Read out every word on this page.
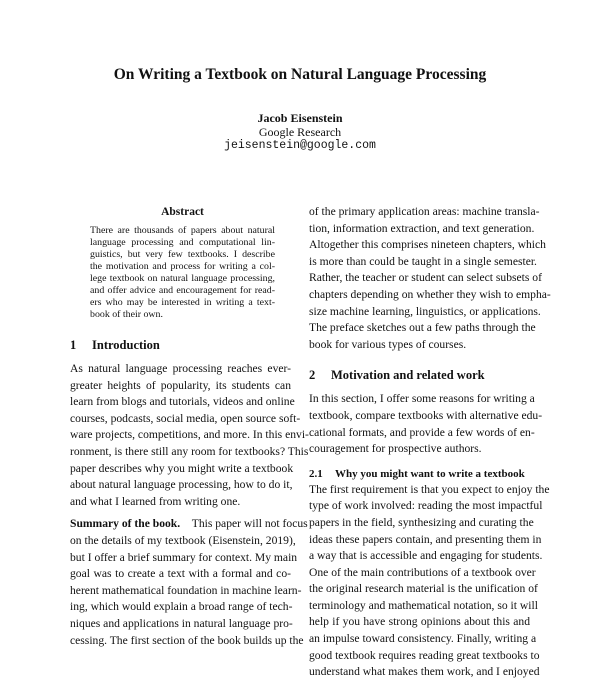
On Writing a Textbook on Natural Language Processing
Jacob Eisenstein
Google Research
jeisenstein@google.com
Abstract
There are thousands of papers about natural
language processing and computational lin-
guistics, but very few textbooks. I describe
the motivation and process for writing a col-
lege textbook on natural language processing,
and offer advice and encouragement for read-
ers who may be interested in writing a text-
book of their own.
1 Introduction
As natural language processing reaches ever-
greater heights of popularity, its students can
learn from blogs and tutorials, videos and online
courses, podcasts, social media, open source soft-
ware projects, competitions, and more. In this envi-
ronment, is there still any room for textbooks? This
paper describes why you might write a textbook
about natural language processing, how to do it,
and what I learned from writing one.
Summary of the book. This paper will not focus
on the details of my textbook (Eisenstein, 2019),
but I offer a brief summary for context. My main
goal was to create a text with a formal and co-
herent mathematical foundation in machine learn-
ing, which would explain a broad range of tech-
niques and applications in natural language pro-
cessing. The first section of the book builds up the
of the primary application areas: machine transla-
tion, information extraction, and text generation.
Altogether this comprises nineteen chapters, which
is more than could be taught in a single semester.
Rather, the teacher or student can select subsets of
chapters depending on whether they wish to empha-
size machine learning, linguistics, or applications.
The preface sketches out a few paths through the
book for various types of courses.
2 Motivation and related work
In this section, I offer some reasons for writing a
textbook, compare textbooks with alternative edu-
cational formats, and provide a few words of en-
couragement for prospective authors.
2.1 Why you might want to write a textbook
The first requirement is that you expect to enjoy the
type of work involved: reading the most impactful
papers in the field, synthesizing and curating the
ideas these papers contain, and presenting them in
a way that is accessible and engaging for students.
One of the main contributions of a textbook over
the original research material is the unification of
terminology and mathematical notation, so it will
help if you have strong opinions about this and
an impulse toward consistency. Finally, writing a
good textbook requires reading great textbooks to
understand what makes them work, and I enjoyed
